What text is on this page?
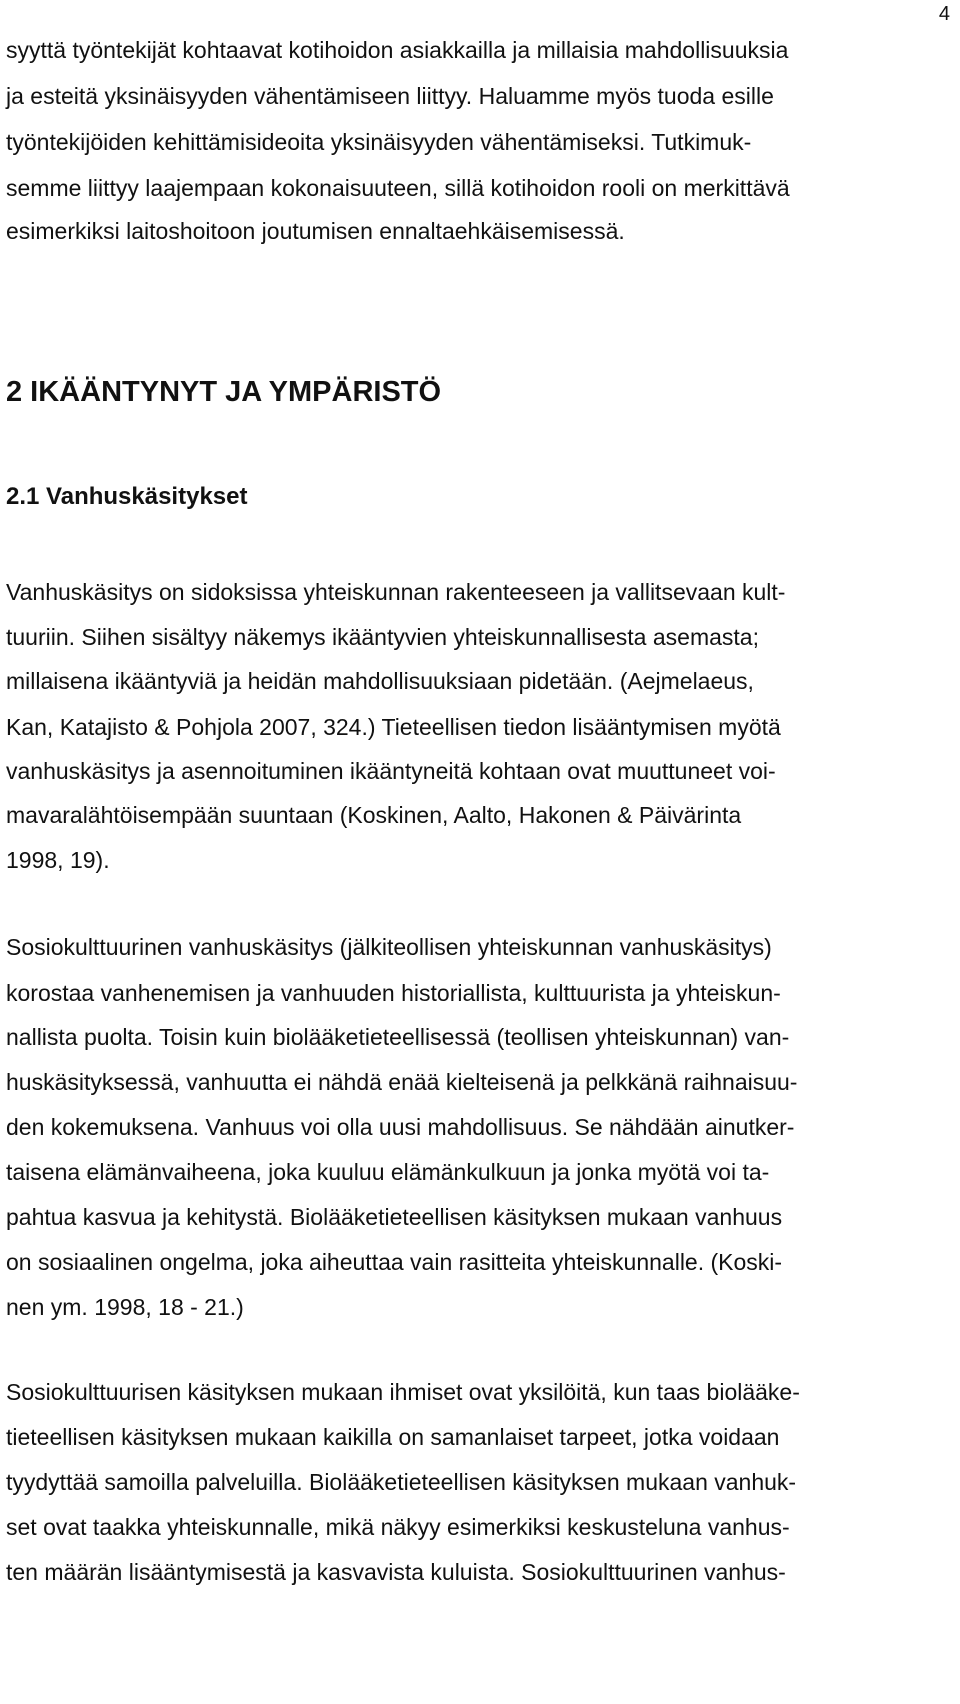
4
syyttä työntekijät kohtaavat kotihoidon asiakkailla ja millaisia mahdollisuuksia
ja esteitä yksinäisyyden vähentämiseen liittyy. Haluamme myös tuoda esille
työntekijöiden kehittämisideoita yksinäisyyden vähentämiseksi. Tutkimuk-
semme liittyy laajempaan kokonaisuuteen, sillä kotihoidon rooli on merkittävä
esimerkiksi laitoshoitoon joutumisen ennaltaehkäisemisessä.
2 IKÄÄNTYNYT JA YMPÄRISTÖ
2.1 Vanhuskäsitykset
Vanhuskäsitys on sidoksissa yhteiskunnan rakenteeseen ja vallitsevaan kult-
tuuriin. Siihen sisältyy näkemys ikääntyvien yhteiskunnallisesta asemasta;
millaisena ikääntyviä ja heidän mahdollisuuksiaan pidetään. (Aejmelaeus,
Kan, Katajisto & Pohjola 2007, 324.) Tieteellisen tiedon lisääntymisen myötä
vanhuskäsitys ja asennoituminen ikääntyneitä kohtaan ovat muuttuneet voi-
mavaralähtöisempään suuntaan (Koskinen, Aalto, Hakonen & Päivärinta
1998, 19).
Sosiokulttuurinen vanhuskäsitys (jälkiteollisen yhteiskunnan vanhuskäsitys)
korostaa vanhenemisen ja vanhuuden historiallista, kulttuurista ja yhteiskun-
nallista puolta. Toisin kuin biolääketieteellisessä (teollisen yhteiskunnan) van-
huskäsityksessä, vanhuutta ei nähdä enää kielteisenä ja pelkkänä raihnaisuu-
den kokemuksena. Vanhuus voi olla uusi mahdollisuus. Se nähdään ainutker-
taisena elämänvaiheena, joka kuuluu elämänkulkuun ja jonka myötä voi ta-
pahtua kasvua ja kehitystä. Biolääketieteellisen käsityksen mukaan vanhuus
on sosiaalinen ongelma, joka aiheuttaa vain rasitteita yhteiskunnalle. (Koski-
nen ym. 1998, 18 - 21.)
Sosiokulttuurisen käsityksen mukaan ihmiset ovat yksilöitä, kun taas biolääke-
tieteellisen käsityksen mukaan kaikilla on samanlaiset tarpeet, jotka voidaan
tyydyttää samoilla palveluilla. Biolääketieteellisen käsityksen mukaan vanhuk-
set ovat taakka yhteiskunnalle, mikä näkyy esimerkiksi keskusteluna vanhus-
ten määrän lisääntymisestä ja kasvavista kuluista. Sosiokulttuurinen vanhus-
